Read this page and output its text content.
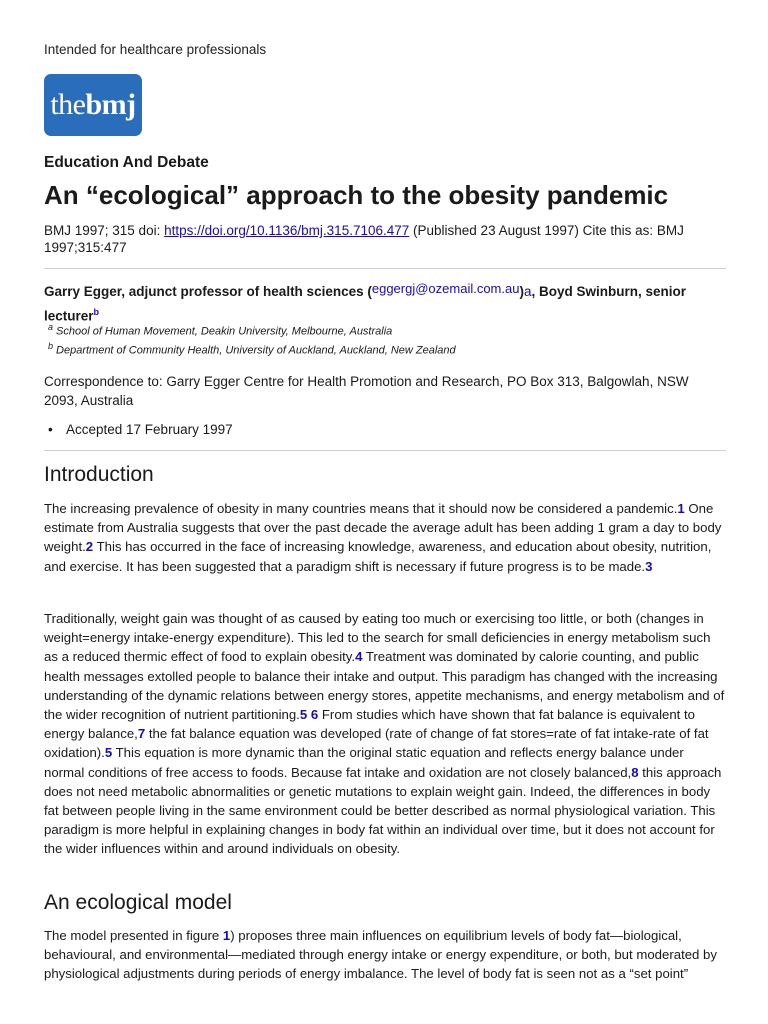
Intended for healthcare professionals
the bmj
Education And Debate
An “ecological” approach to the obesity pandemic
BMJ 1997; 315 doi: https://doi.org/10.1136/bmj.315.7106.477 (Published 23 August 1997) Cite this as: BMJ 1997;315:477
Garry Egger, adjunct professor of health sciences (eggergj@ozemail.com.au)a, Boyd Swinburn, senior lecturer$^b$
$^a$ School of Human Movement, Deakin University, Melbourne, Australia
$^b$ Department of Community Health, University of Auckland, Auckland, New Zealand
Correspondence to: Garry Egger Centre for Health Promotion and Research, PO Box 313, Balgowlah, NSW 2093, Australia
• Accepted 17 February 1997
Introduction

The increasing prevalence of obesity in many countries means that it should now be considered a pandemic.1 One estimate from Australia suggests that over the past decade the average adult has been adding 1 gram a day to body weight.2 This has occurred in the face of increasing knowledge, awareness, and education about obesity, nutrition, and exercise. It has been suggested that a paradigm shift is necessary if future progress is to be made.3

Traditionally, weight gain was thought of as caused by eating too much or exercising too little, or both (changes in weight=energy intake-energy expenditure). This led to the search for small deficiencies in energy metabolism such as a reduced thermic effect of food to explain obesity.4 Treatment was dominated by calorie counting, and public health messages extolled people to balance their intake and output. This paradigm has changed with the increasing understanding of the dynamic relations between energy stores, appetite mechanisms, and energy metabolism and of the wider recognition of nutrient partitioning.5 6 From studies which have shown that fat balance is equivalent to energy balance,7 the fat balance equation was developed (rate of change of fat stores=rate of fat intake-rate of fat oxidation).5 This equation is more dynamic than the original static equation and reflects energy balance under normal conditions of free access to foods. Because fat intake and oxidation are not closely balanced,8 this approach does not need metabolic abnormalities or genetic mutations to explain weight gain. Indeed, the differences in body fat between people living in the same environment could be better described as normal physiological variation. This paradigm is more helpful in explaining changes in body fat within an individual over time, but it does not account for the wider influences within and around individuals on obesity.

An ecological model

The model presented in figure 1) proposes three main influences on equilibrium levels of body fat—biological, behavioural, and environmental—mediated through energy intake or energy expenditure, or both, but moderated by physiological adjustments during periods of energy imbalance. The level of body fat is seen not as a “set point”
